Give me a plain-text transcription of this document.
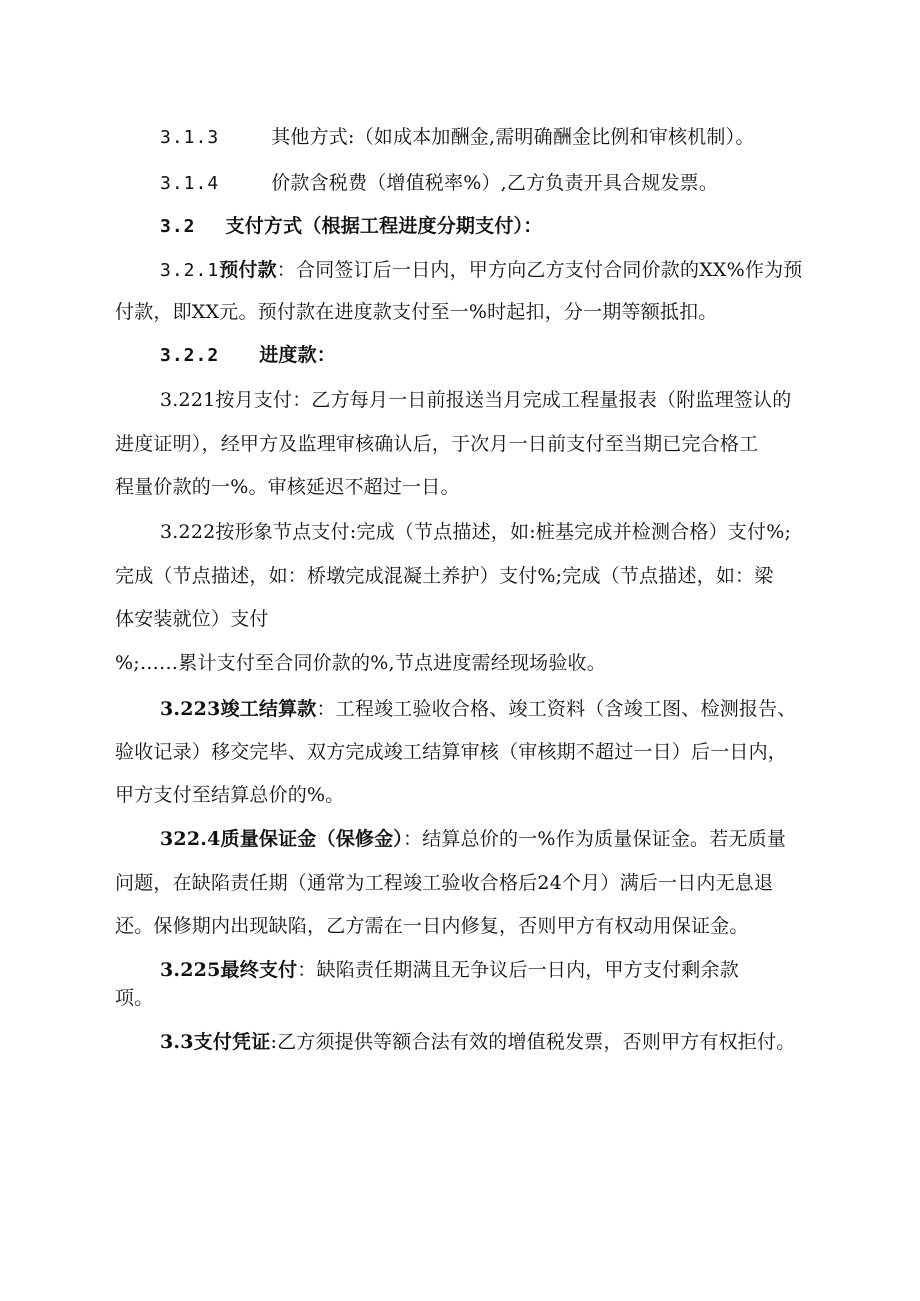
3.1.3	其他方式:（如成本加酬金,需明确酬金比例和审核机制）。
3.1.4	价款含税费（增值税率%）,乙方负责开具合规发票。
3.2 支付方式（根据工程进度分期支付）：
3.2.1预付款：合同签订后一日内，甲方向乙方支付合同价款的XX%作为预
付款，即XX元。预付款在进度款支付至一%时起扣，分一期等额抵扣。
3.2.2 进度款：
3.221按月支付：乙方每月一日前报送当月完成工程量报表（附监理签认的
进度证明），经甲方及监理审核确认后，于次月一日前支付至当期已完合格工
程量价款的一%。审核延迟不超过一日。
3.222按形象节点支付:完成（节点描述，如:桩基完成并检测合格）支付%;
完成（节点描述，如：桥墩完成混凝土养护）支付%;完成（节点描述，如：梁
体安装就位）支付
%;……累计支付至合同价款的%,节点进度需经现场验收。
3.223竣工结算款：工程竣工验收合格、竣工资料（含竣工图、检测报告、
验收记录）移交完毕、双方完成竣工结算审核（审核期不超过一日）后一日内，
甲方支付至结算总价的%。
322.4质量保证金（保修金）：结算总价的一%作为质量保证金。若无质量
问题，在缺陷责任期（通常为工程竣工验收合格后24个月）满后一日内无息退
还。保修期内出现缺陷，乙方需在一日内修复，否则甲方有权动用保证金。
3.225最终支付：缺陷责任期满且无争议后一日内，甲方支付剩余款
项。
3.3支付凭证:乙方须提供等额合法有效的增值税发票，否则甲方有权拒付。
